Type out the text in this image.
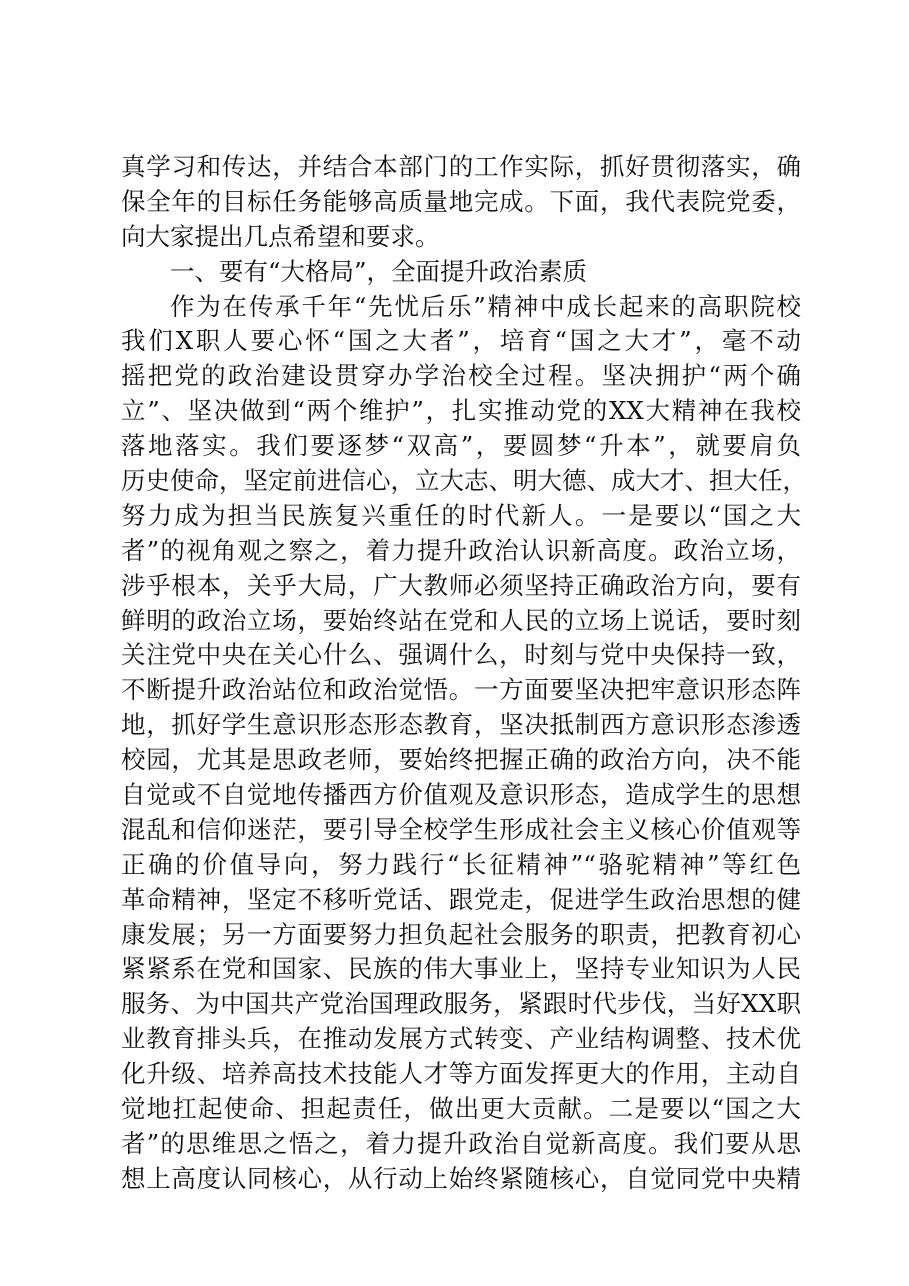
真学习和传达，并结合本部门的工作实际，抓好贯彻落实，确
保全年的目标任务能够高质量地完成。下面，我代表院党委，
向大家提出几点希望和要求。
一、要有“大格局”，全面提升政治素质
作为在传承千年“先忧后乐”精神中成长起来的高职院校
我们X职人要心怀“国之大者”，培育“国之大才”，毫不动
摇把党的政治建设贯穿办学治校全过程。坚决拥护“两个确
立”、坚决做到“两个维护”，扎实推动党的XX大精神在我校
落地落实。我们要逐梦“双高”，要圆梦“升本”，就要肩负
历史使命，坚定前进信心，立大志、明大德、成大才、担大任，
努力成为担当民族复兴重任的时代新人。一是要以“国之大
者”的视角观之察之，着力提升政治认识新高度。政治立场，
涉乎根本，关乎大局，广大教师必须坚持正确政治方向，要有
鲜明的政治立场，要始终站在党和人民的立场上说话，要时刻
关注党中央在关心什么、强调什么，时刻与党中央保持一致，
不断提升政治站位和政治觉悟。一方面要坚决把牢意识形态阵
地，抓好学生意识形态形态教育，坚决抵制西方意识形态渗透
校园，尤其是思政老师，要始终把握正确的政治方向，决不能
自觉或不自觉地传播西方价值观及意识形态，造成学生的思想
混乱和信仰迷茫，要引导全校学生形成社会主义核心价值观等
正确的价值导向，努力践行“长征精神”“骆驼精神”等红色
革命精神，坚定不移听党话、跟党走，促进学生政治思想的健
康发展；另一方面要努力担负起社会服务的职责，把教育初心
紧紧系在党和国家、民族的伟大事业上，坚持专业知识为人民
服务、为中国共产党治国理政服务，紧跟时代步伐，当好XX职
业教育排头兵，在推动发展方式转变、产业结构调整、技术优
化升级、培养高技术技能人才等方面发挥更大的作用，主动自
觉地扛起使命、担起责任，做出更大贡献。二是要以“国之大
者”的思维思之悟之，着力提升政治自觉新高度。我们要从思
想上高度认同核心，从行动上始终紧随核心，自觉同党中央精
